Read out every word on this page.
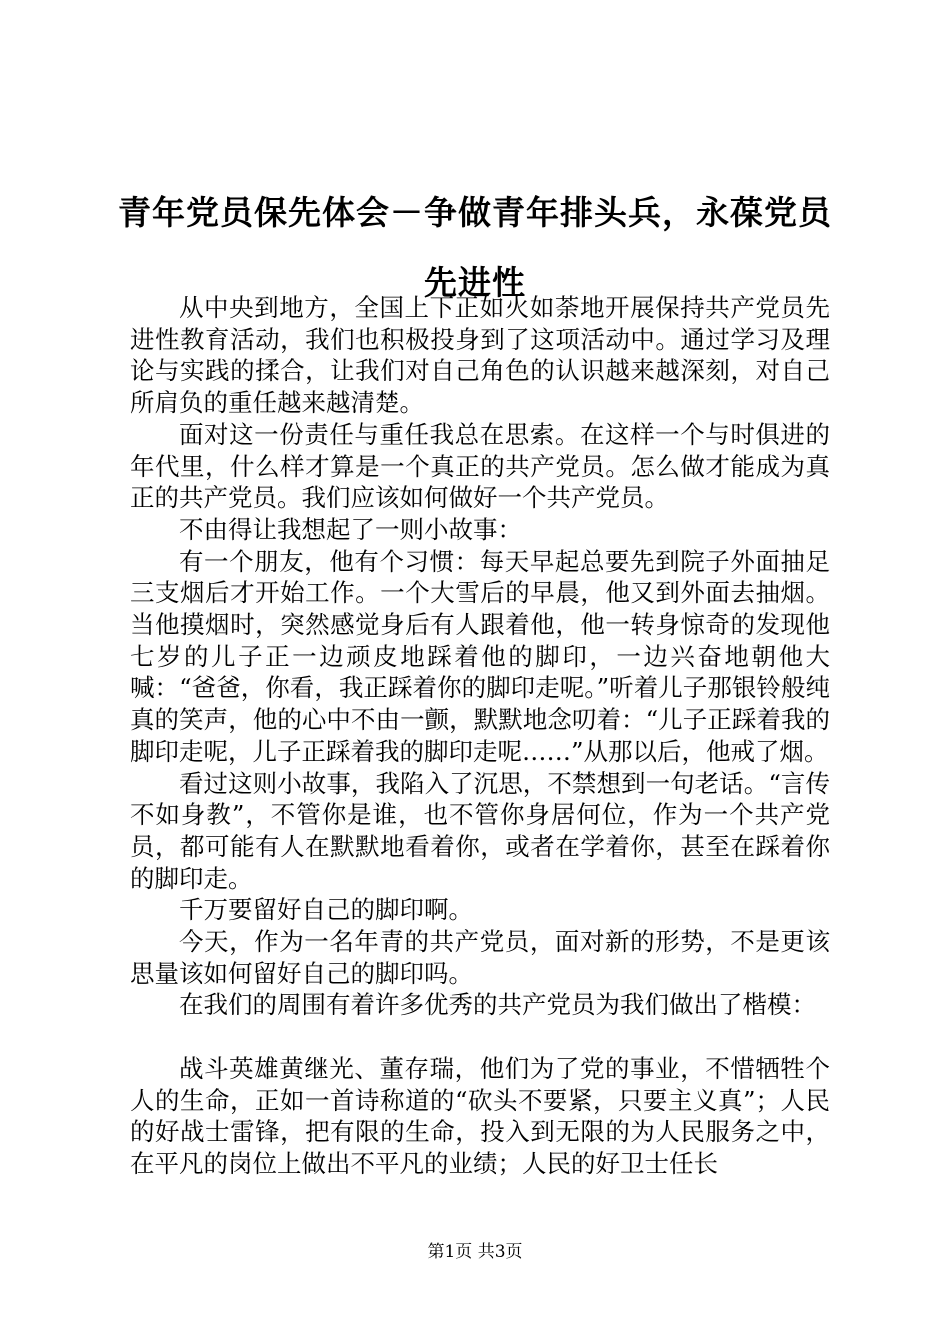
青年党员保先体会－争做青年排头兵，永葆党员先进性

从中央到地方，全国上下正如火如荼地开展保持共产党员先进性教育活动，我们也积极投身到了这项活动中。通过学习及理论与实践的揉合，让我们对自己角色的认识越来越深刻，对自己所肩负的重任越来越清楚。

面对这一份责任与重任我总在思索。在这样一个与时俱进的年代里，什么样才算是一个真正的共产党员。怎么做才能成为真正的共产党员。我们应该如何做好一个共产党员。

不由得让我想起了一则小故事：

有一个朋友，他有个习惯：每天早起总要先到院子外面抽足三支烟后才开始工作。一个大雪后的早晨，他又到外面去抽烟。当他摸烟时，突然感觉身后有人跟着他，他一转身惊奇的发现他七岁的儿子正一边顽皮地踩着他的脚印，一边兴奋地朝他大喊：“爸爸，你看，我正踩着你的脚印走呢。”听着儿子那银铃般纯真的笑声，他的心中不由一颤，默默地念叨着：“儿子正踩着我的脚印走呢，儿子正踩着我的脚印走呢……”从那以后，他戒了烟。

看过这则小故事，我陷入了沉思，不禁想到一句老话。“言传不如身教”，不管你是谁，也不管你身居何位，作为一个共产党员，都可能有人在默默地看着你，或者在学着你，甚至在踩着你的脚印走。

千万要留好自己的脚印啊。

今天，作为一名年青的共产党员，面对新的形势，不是更该思量该如何留好自己的脚印吗。

在我们的周围有着许多优秀的共产党员为我们做出了楷模：

战斗英雄黄继光、董存瑞，他们为了党的事业，不惜牺牲个人的生命，正如一首诗称道的“砍头不要紧，只要主义真”；人民的好战士雷锋，把有限的生命，投入到无限的为人民服务之中，在平凡的岗位上做出不平凡的业绩；人民的好卫士任长

第1页 共3页
